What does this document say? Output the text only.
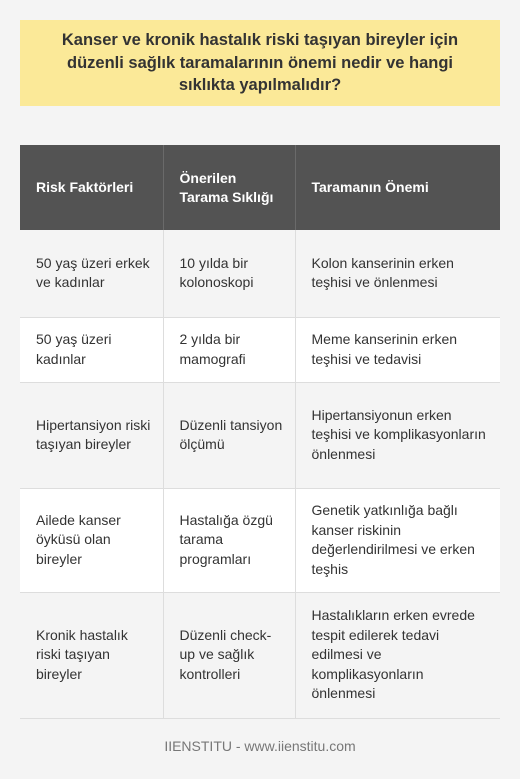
Kanser ve kronik hastalık riski taşıyan bireyler için düzenli sağlık taramalarının önemi nedir ve hangi sıklıkta yapılmalıdır?
Risk Faktörleri	Önerilen Tarama Sıklığı	Taramanın Önemi
50 yaş üzeri erkek ve kadınlar	10 yılda bir kolonoskopi	Kolon kanserinin erken teşhisi ve önlenmesi
50 yaş üzeri kadınlar	2 yılda bir mamografi	Meme kanserinin erken teşhisi ve tedavisi
Hipertansiyon riski taşıyan bireyler	Düzenli tansiyon ölçümü	Hipertansiyonun erken teşhisi ve komplikasyonların önlenmesi
Ailede kanser öyküsü olan bireyler	Hastalığa özgü tarama programları	Genetik yatkınlığa bağlı kanser riskinin değerlendirilmesi ve erken teşhis
Kronik hastalık riski taşıyan bireyler	Düzenli check-up ve sağlık kontrolleri	Hastalıkların erken evrede tespit edilerek tedavi edilmesi ve komplikasyonların önlenmesi
IIENSTITU - www.iienstitu.com
